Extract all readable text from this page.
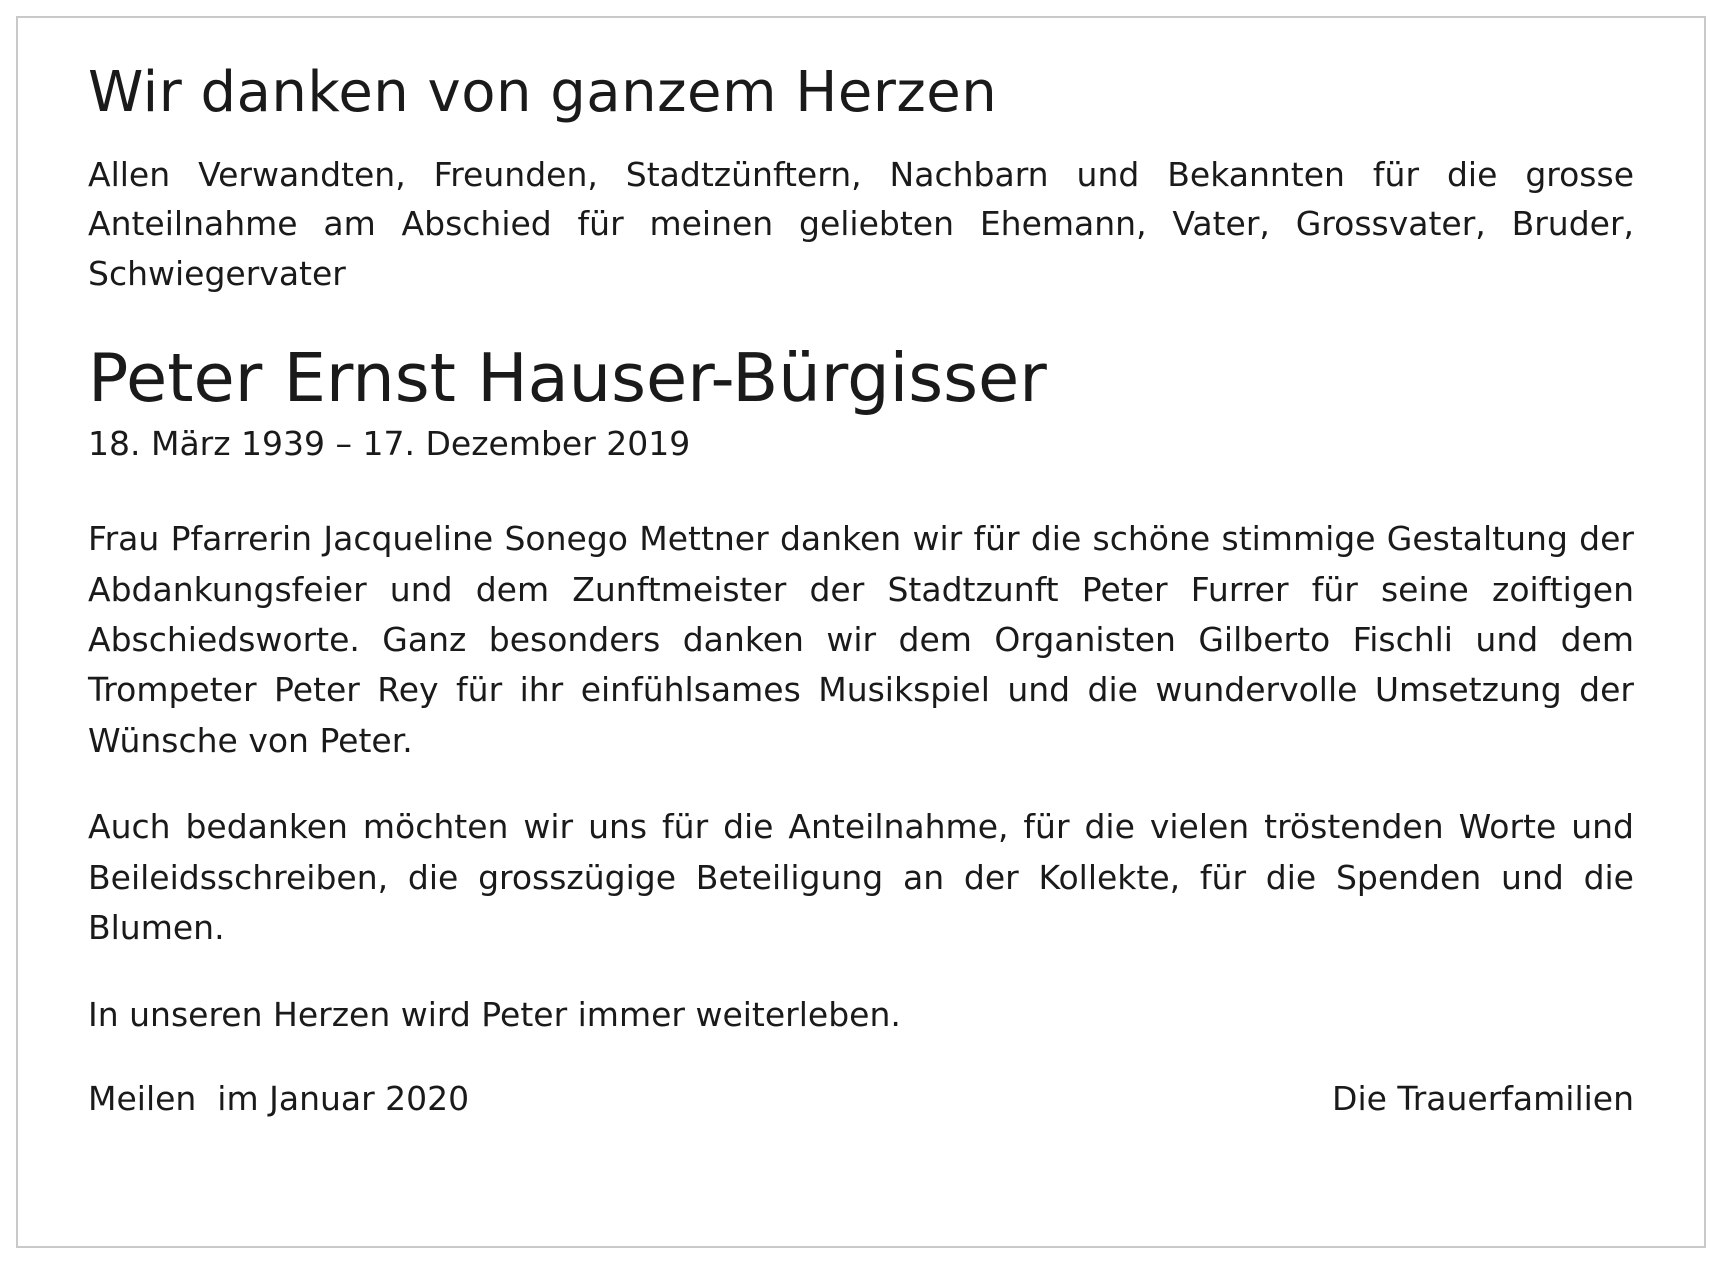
Wir danken von ganzem Herzen

Allen Verwandten, Freunden, Stadtzünftern, Nachbarn und Bekannten für die grosse Anteilnahme am Abschied für meinen geliebten Ehemann, Vater, Grossvater, Bruder, Schwiegervater

Peter Ernst Hauser-Bürgisser
18. März 1939 – 17. Dezember 2019

Frau Pfarrerin Jacqueline Sonego Mettner danken wir für die schöne stimmige Gestaltung der Abdankungsfeier und dem Zunftmeister der Stadtzunft Peter Furrer für seine zoiftigen Abschiedsworte. Ganz besonders danken wir dem Organisten Gilberto Fischli und dem Trompeter Peter Rey für ihr einfühlsames Musikspiel und die wundervolle Umsetzung der Wünsche von Peter.

Auch bedanken möchten wir uns für die Anteilnahme, für die vielen tröstenden Worte und Beileidsschreiben, die grosszügige Beteiligung an der Kollekte, für die Spenden und die Blumen.

In unseren Herzen wird Peter immer weiterleben.

Meilen  im Januar 2020	Die Trauerfamilien
